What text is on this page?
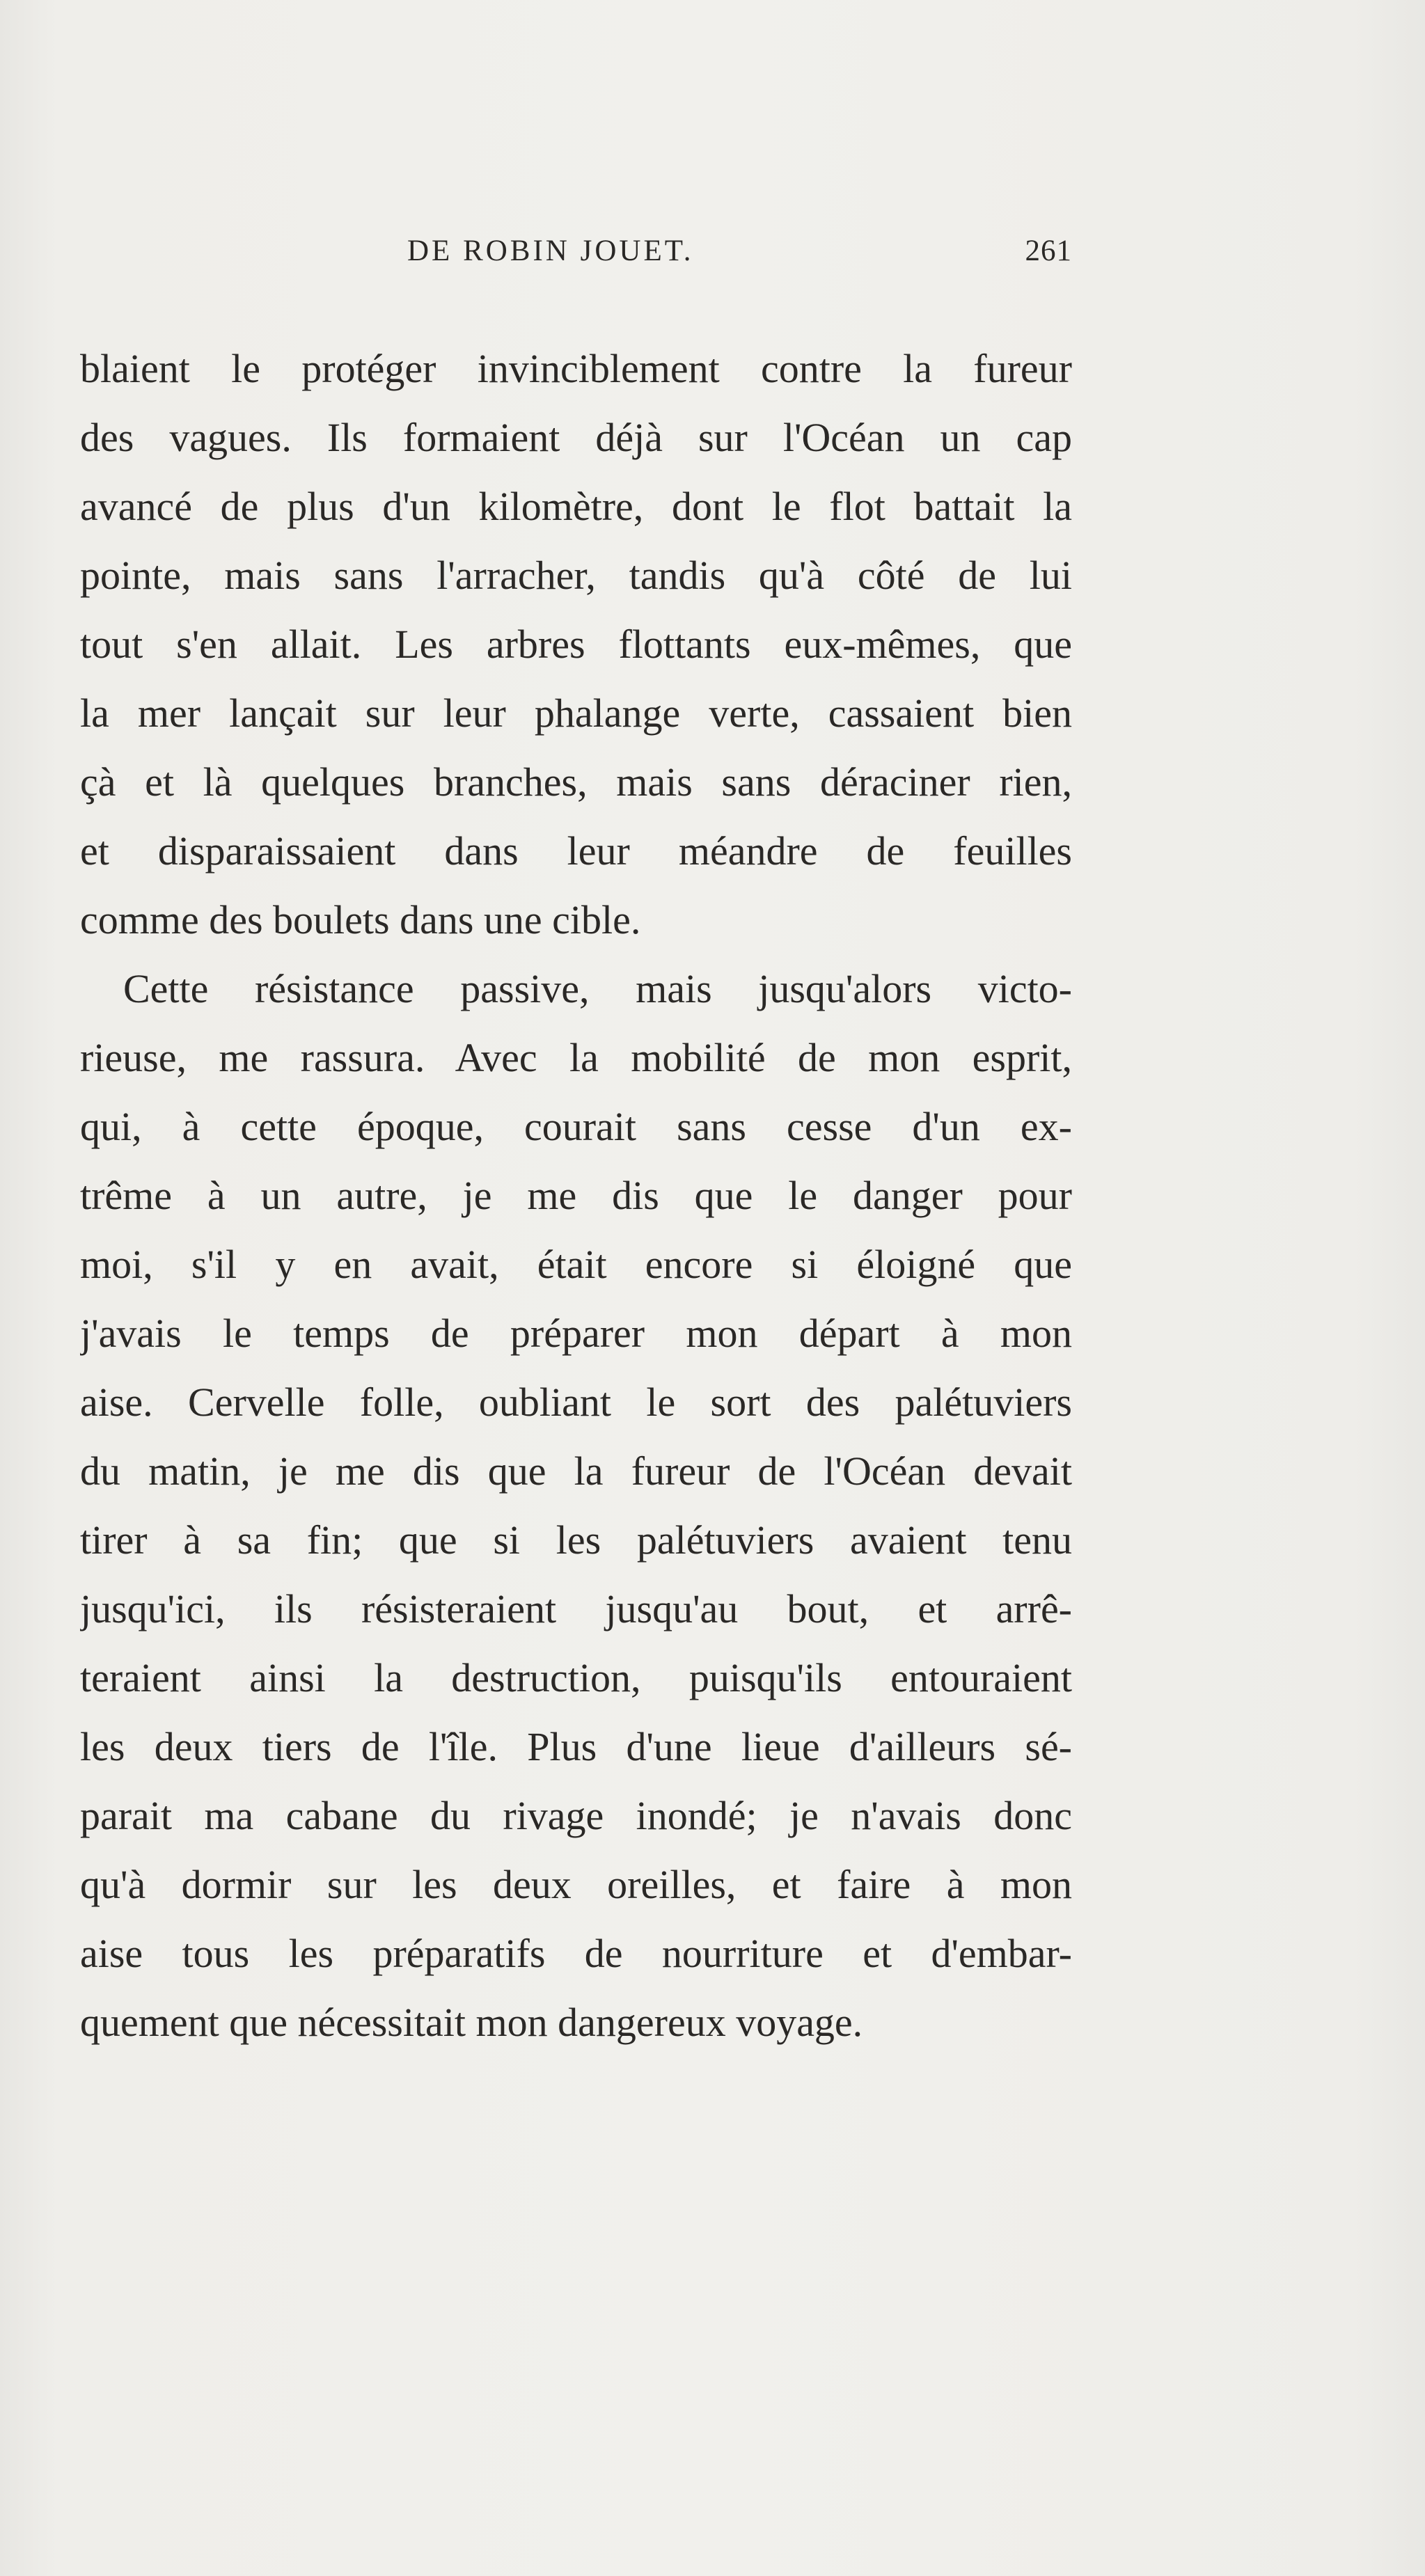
DE ROBIN JOUET.	261
blaient le protéger invinciblement contre la fureur
des vagues. Ils formaient déjà sur l'Océan un cap
avancé de plus d'un kilomètre, dont le flot battait la
pointe, mais sans l'arracher, tandis qu'à côté de lui
tout s'en allait. Les arbres flottants eux-mêmes, que
la mer lançait sur leur phalange verte, cassaient bien
çà et là quelques branches, mais sans déraciner rien,
et disparaissaient dans leur méandre de feuilles
comme des boulets dans une cible.
Cette résistance passive, mais jusqu'alors victo-
rieuse, me rassura. Avec la mobilité de mon esprit,
qui, à cette époque, courait sans cesse d'un ex-
trême à un autre, je me dis que le danger pour
moi, s'il y en avait, était encore si éloigné que
j'avais le temps de préparer mon départ à mon
aise. Cervelle folle, oubliant le sort des palétuviers
du matin, je me dis que la fureur de l'Océan devait
tirer à sa fin; que si les palétuviers avaient tenu
jusqu'ici, ils résisteraient jusqu'au bout, et arrê-
teraient ainsi la destruction, puisqu'ils entouraient
les deux tiers de l'île. Plus d'une lieue d'ailleurs sé-
parait ma cabane du rivage inondé; je n'avais donc
qu'à dormir sur les deux oreilles, et faire à mon
aise tous les préparatifs de nourriture et d'embar-
quement que nécessitait mon dangereux voyage.
